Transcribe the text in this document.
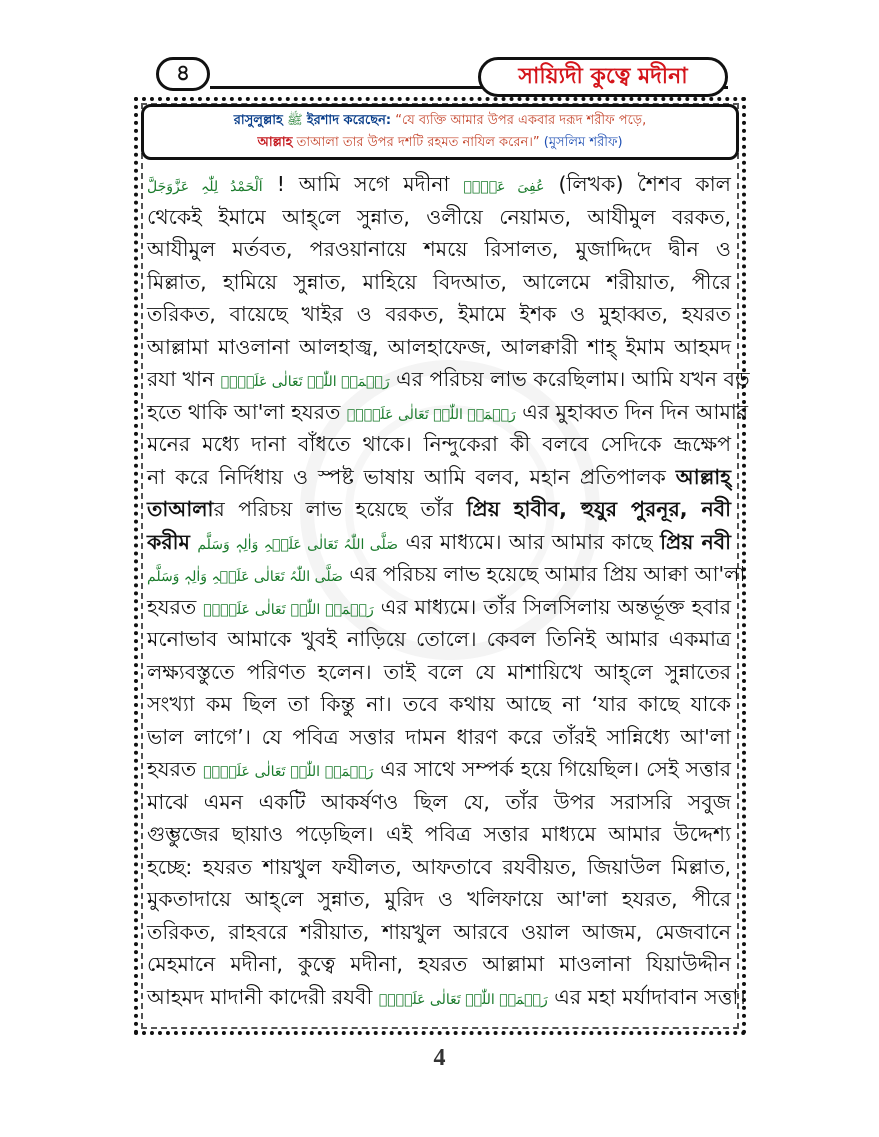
৪	সায়্যিদী কুত্বে মদীনা
রাসুলুল্লাহ ﷺ ইরশাদ করেছেন: “যে ব্যক্তি আমার উপর একবার দরূদ শরীফ পড়ে,
আল্লাহ তাআলা তার উপর দশটি রহমত নাযিল করেন।” (মুসলিম শরীফ)
اَلْحَمْدُ لِلّٰہِ عَزَّوَجَلَّ ! আমি সগে মদীনা عُفِیَ عَنۡہُ (লিখক) শৈশব কাল
থেকেই ইমামে আহ্‌লে সুন্নাত, ওলীয়ে নেয়ামত, আযীমুল বরকত,
আযীমুল মর্তবত, পরওয়ানায়ে শময়ে রিসালত, মুজাদ্দিদে দ্বীন ও
মিল্লাত, হামিয়ে সুন্নাত, মাহিয়ে বিদআত, আলেমে শরীয়াত, পীরে
তরিকত, বায়েছে খাইর ও বরকত, ইমামে ইশক ও মুহাব্বত, হযরত
আল্লামা মাওলানা আলহাজ্ব, আলহাফেজ, আলক্বারী শাহ্ ইমাম আহমদ
রযা খান رَحۡمَۃُ اللّٰہِ تَعَالٰی عَلَیۡہِ এর পরিচয় লাভ করেছিলাম। আমি যখন বড়
হতে থাকি আ'লা হযরত رَحۡمَۃُ اللّٰہِ تَعَالٰی عَلَیۡہِ এর মুহাব্বত দিন দিন আমার
মনের মধ্যে দানা বাঁধতে থাকে। নিন্দুকেরা কী বলবে সেদিকে ভ্রূক্ষেপ
না করে নির্দিধায় ও স্পষ্ট ভাষায় আমি বলব, মহান প্রতিপালক আল্লাহ্
তাআলার পরিচয় লাভ হয়েছে তাঁর প্রিয় হাবীব, হুযুর পুরনূর, নবী
করীম صَلَّی اللّٰہُ تَعَالٰی عَلَیۡہِ وَاٰلِہٖ وَسَلَّم এর মাধ্যমে। আর আমার কাছে প্রিয় নবী
صَلَّی اللّٰہُ تَعَالٰی عَلَیۡہِ وَاٰلِہٖ وَسَلَّم এর পরিচয় লাভ হয়েছে আমার প্রিয় আক্বা আ'লা
হযরত رَحۡمَۃُ اللّٰہِ تَعَالٰی عَلَیۡہِ এর মাধ্যমে। তাঁর সিলসিলায় অন্তর্ভূক্ত হবার
মনোভাব আমাকে খুবই নাড়িয়ে তোলে। কেবল তিনিই আমার একমাত্র
লক্ষ্যবস্তুতে পরিণত হলেন। তাই বলে যে মাশায়িখে আহ্‌লে সুন্নাতের
সংখ্যা কম ছিল তা কিন্তু না। তবে কথায় আছে না ‘যার কাছে যাকে
ভাল লাগে’। যে পবিত্র সত্তার দামন ধারণ করে তাঁরই সান্নিধ্যে আ'লা
হযরত رَحۡمَۃُ اللّٰہِ تَعَالٰی عَلَیۡہِ এর সাথে সম্পর্ক হয়ে গিয়েছিল। সেই সত্তার
মাঝে এমন একটি আকর্ষণও ছিল যে, তাঁর উপর সরাসরি সবুজ
গুম্ভুজের ছায়াও পড়েছিল। এই পবিত্র সত্তার মাধ্যমে আমার উদ্দেশ্য
হচ্ছে: হযরত শায়খুল ফযীলত, আফতাবে রযবীয়ত, জিয়াউল মিল্লাত,
মুকতাদায়ে আহ্‌লে সুন্নাত, মুরিদ ও খলিফায়ে আ'লা হযরত, পীরে
তরিকত, রাহবরে শরীয়াত, শায়খুল আরবে ওয়াল আজম, মেজবানে
মেহমানে মদীনা, কুত্বে মদীনা, হযরত আল্লামা মাওলানা যিয়াউদ্দীন
আহমদ মাদানী কাদেরী রযবী رَحۡمَۃُ اللّٰہِ تَعَالٰی عَلَیۡہِ এর মহা মর্যাদাবান সত্তা।
4
